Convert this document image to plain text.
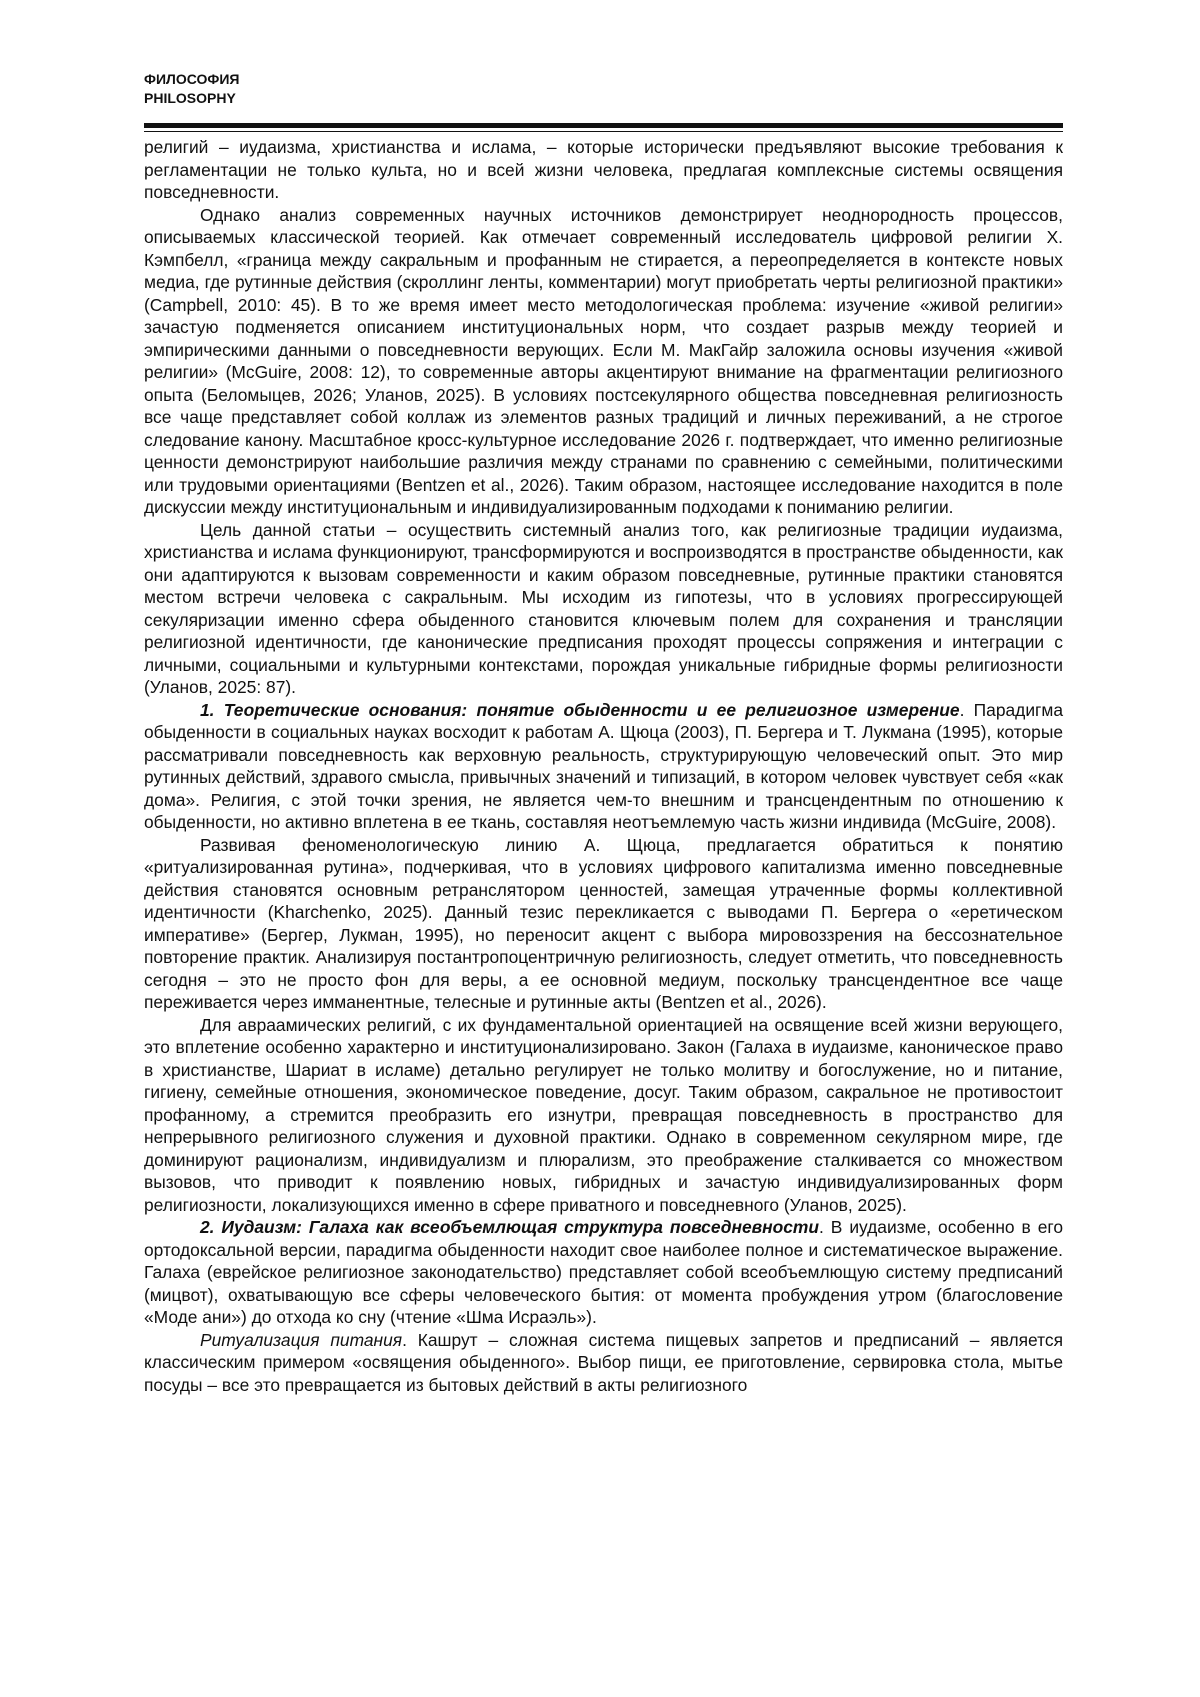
ФИЛОСОФИЯ
PHILOSOPHY

религий – иудаизма, христианства и ислама, – которые исторически предъявляют высокие требования к регламентации не только культа, но и всей жизни человека, предлагая комплексные системы освящения повседневности.

Однако анализ современных научных источников демонстрирует неоднородность процессов, описываемых классической теорией. Как отмечает современный исследователь цифровой религии Х. Кэмпбелл, «граница между сакральным и профанным не стирается, а переопределяется в контексте новых медиа, где рутинные действия (скроллинг ленты, комментарии) могут приобретать черты религиозной практики» (Campbell, 2010: 45). В то же время имеет место методологическая проблема: изучение «живой религии» зачастую подменяется описанием институциональных норм, что создает разрыв между теорией и эмпирическими данными о повседневности верующих. Если М. МакГайр заложила основы изучения «живой религии» (McGuire, 2008: 12), то современные авторы акцентируют внимание на фрагментации религиозного опыта (Беломыцев, 2026; Уланов, 2025). В условиях постсекулярного общества повседневная религиозность все чаще представляет собой коллаж из элементов разных традиций и личных переживаний, а не строгое следование канону. Масштабное кросс-культурное исследование 2026 г. подтверждает, что именно религиозные ценности демонстрируют наибольшие различия между странами по сравнению с семейными, политическими или трудовыми ориентациями (Bentzen et al., 2026). Таким образом, настоящее исследование находится в поле дискуссии между институциональным и индивидуализированным подходами к пониманию религии.

Цель данной статьи – осуществить системный анализ того, как религиозные традиции иудаизма, христианства и ислама функционируют, трансформируются и воспроизводятся в пространстве обыденности, как они адаптируются к вызовам современности и каким образом повседневные, рутинные практики становятся местом встречи человека с сакральным. Мы исходим из гипотезы, что в условиях прогрессирующей секуляризации именно сфера обыденного становится ключевым полем для сохранения и трансляции религиозной идентичности, где канонические предписания проходят процессы сопряжения и интеграции с личными, социальными и культурными контекстами, порождая уникальные гибридные формы религиозности (Уланов, 2025: 87).

1. Теоретические основания: понятие обыденности и ее религиозное измерение. Парадигма обыденности в социальных науках восходит к работам А. Щюца (2003), П. Бергера и Т. Лукмана (1995), которые рассматривали повседневность как верховную реальность, структурирующую человеческий опыт. Это мир рутинных действий, здравого смысла, привычных значений и типизаций, в котором человек чувствует себя «как дома». Религия, с этой точки зрения, не является чем-то внешним и трансцендентным по отношению к обыденности, но активно вплетена в ее ткань, составляя неотъемлемую часть жизни индивида (McGuire, 2008).

Развивая феноменологическую линию А. Щюца, предлагается обратиться к понятию «ритуализированная рутина», подчеркивая, что в условиях цифрового капитализма именно повседневные действия становятся основным ретранслятором ценностей, замещая утраченные формы коллективной идентичности (Kharchenko, 2025). Данный тезис перекликается с выводами П. Бергера о «еретическом императиве» (Бергер, Лукман, 1995), но переносит акцент с выбора мировоззрения на бессознательное повторение практик. Анализируя постантропоцентричную религиозность, следует отметить, что повседневность сегодня – это не просто фон для веры, а ее основной медиум, поскольку трансцендентное все чаще переживается через имманентные, телесные и рутинные акты (Bentzen et al., 2026).

Для авраамических религий, с их фундаментальной ориентацией на освящение всей жизни верующего, это вплетение особенно характерно и институционализировано. Закон (Галаха в иудаизме, каноническое право в христианстве, Шариат в исламе) детально регулирует не только молитву и богослужение, но и питание, гигиену, семейные отношения, экономическое поведение, досуг. Таким образом, сакральное не противостоит профанному, а стремится преобразить его изнутри, превращая повседневность в пространство для непрерывного религиозного служения и духовной практики. Однако в современном секулярном мире, где доминируют рационализм, индивидуализм и плюрализм, это преображение сталкивается со множеством вызовов, что приводит к появлению новых, гибридных и зачастую индивидуализированных форм религиозности, локализующихся именно в сфере приватного и повседневного (Уланов, 2025).

2. Иудаизм: Галаха как всеобъемлющая структура повседневности. В иудаизме, особенно в его ортодоксальной версии, парадигма обыденности находит свое наиболее полное и систематическое выражение. Галаха (еврейское религиозное законодательство) представляет собой всеобъемлющую систему предписаний (мицвот), охватывающую все сферы человеческого бытия: от момента пробуждения утром (благословение «Моде ани») до отхода ко сну (чтение «Шма Исраэль»).

Ритуализация питания. Кашрут – сложная система пищевых запретов и предписаний – является классическим примером «освящения обыденного». Выбор пищи, ее приготовление, сервировка стола, мытье посуды – все это превращается из бытовых действий в акты религиозного
